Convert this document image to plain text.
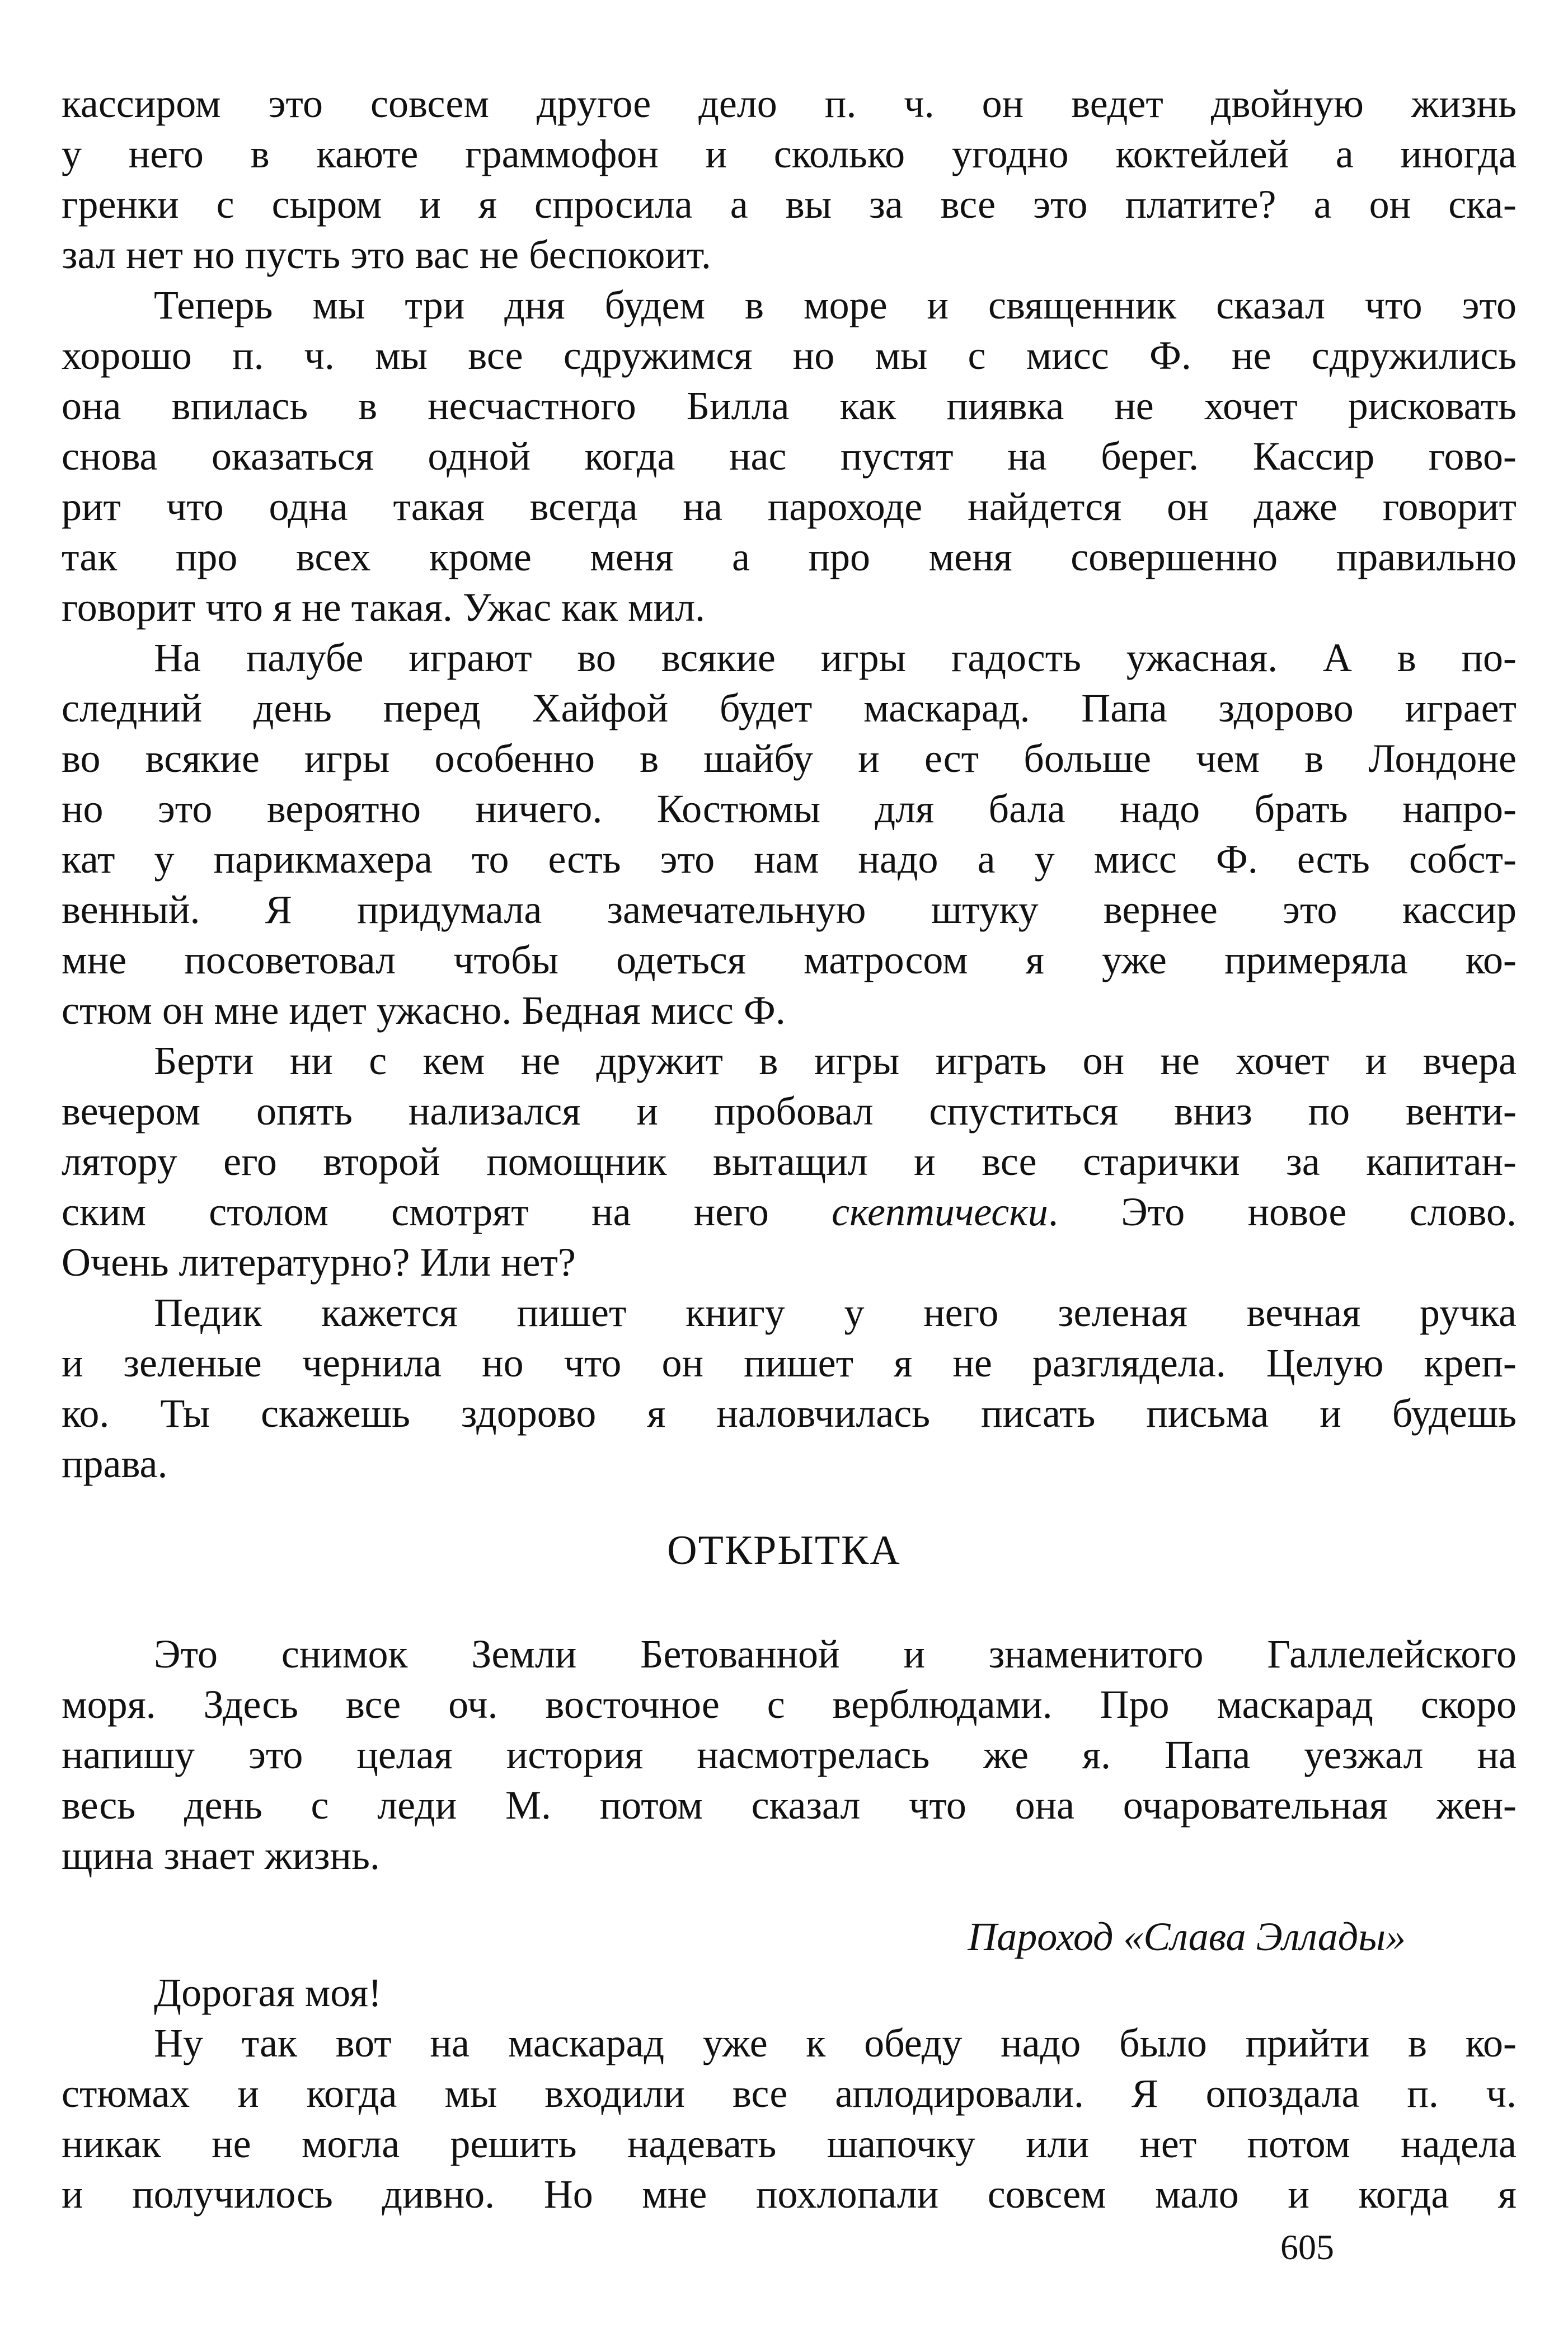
кассиром это совсем другое дело п. ч. он ведет двойную жизнь
у него в каюте граммофон и сколько угодно коктейлей а иногда
гренки с сыром и я спросила а вы за все это платите? а он ска-
зал нет но пусть это вас не беспокоит.
Теперь мы три дня будем в море и священник сказал что это
хорошо п. ч. мы все сдружимся но мы с мисс Ф. не сдружились
она впилась в несчастного Билла как пиявка не хочет рисковать
снова оказаться одной когда нас пустят на берег. Кассир гово-
рит что одна такая всегда на пароходе найдется он даже говорит
так про всех кроме меня а про меня совершенно правильно
говорит что я не такая. Ужас как мил.
На палубе играют во всякие игры гадость ужасная. А в по-
следний день перед Хайфой будет маскарад. Папа здорово играет
во всякие игры особенно в шайбу и ест больше чем в Лондоне
но это вероятно ничего. Костюмы для бала надо брать напро-
кат у парикмахера то есть это нам надо а у мисс Ф. есть собст-
венный. Я придумала замечательную штуку вернее это кассир
мне посоветовал чтобы одеться матросом я уже примеряла ко-
стюм он мне идет ужасно. Бедная мисс Ф.
Берти ни с кем не дружит в игры играть он не хочет и вчера
вечером опять нализался и пробовал спуститься вниз по венти-
лятору его второй помощник вытащил и все старички за капитан-
ским столом смотрят на него скептически. Это новое слово.
Очень литературно? Или нет?
Педик кажется пишет книгу у него зеленая вечная ручка
и зеленые чернила но что он пишет я не разглядела. Целую креп-
ко. Ты скажешь здорово я наловчилась писать письма и будешь
права.
ОТКРЫТКА
Это снимок Земли Бетованной и знаменитого Галлелейского
моря. Здесь все оч. восточное с верблюдами. Про маскарад скоро
напишу это целая история насмотрелась же я. Папа уезжал на
весь день с леди М. потом сказал что она очаровательная жен-
щина знает жизнь.
Пароход «Слава Эллады»
Дорогая моя!
Ну так вот на маскарад уже к обеду надо было прийти в ко-
стюмах и когда мы входили все аплодировали. Я опоздала п. ч.
никак не могла решить надевать шапочку или нет потом надела
и получилось дивно. Но мне похлопали совсем мало и когда я
605
